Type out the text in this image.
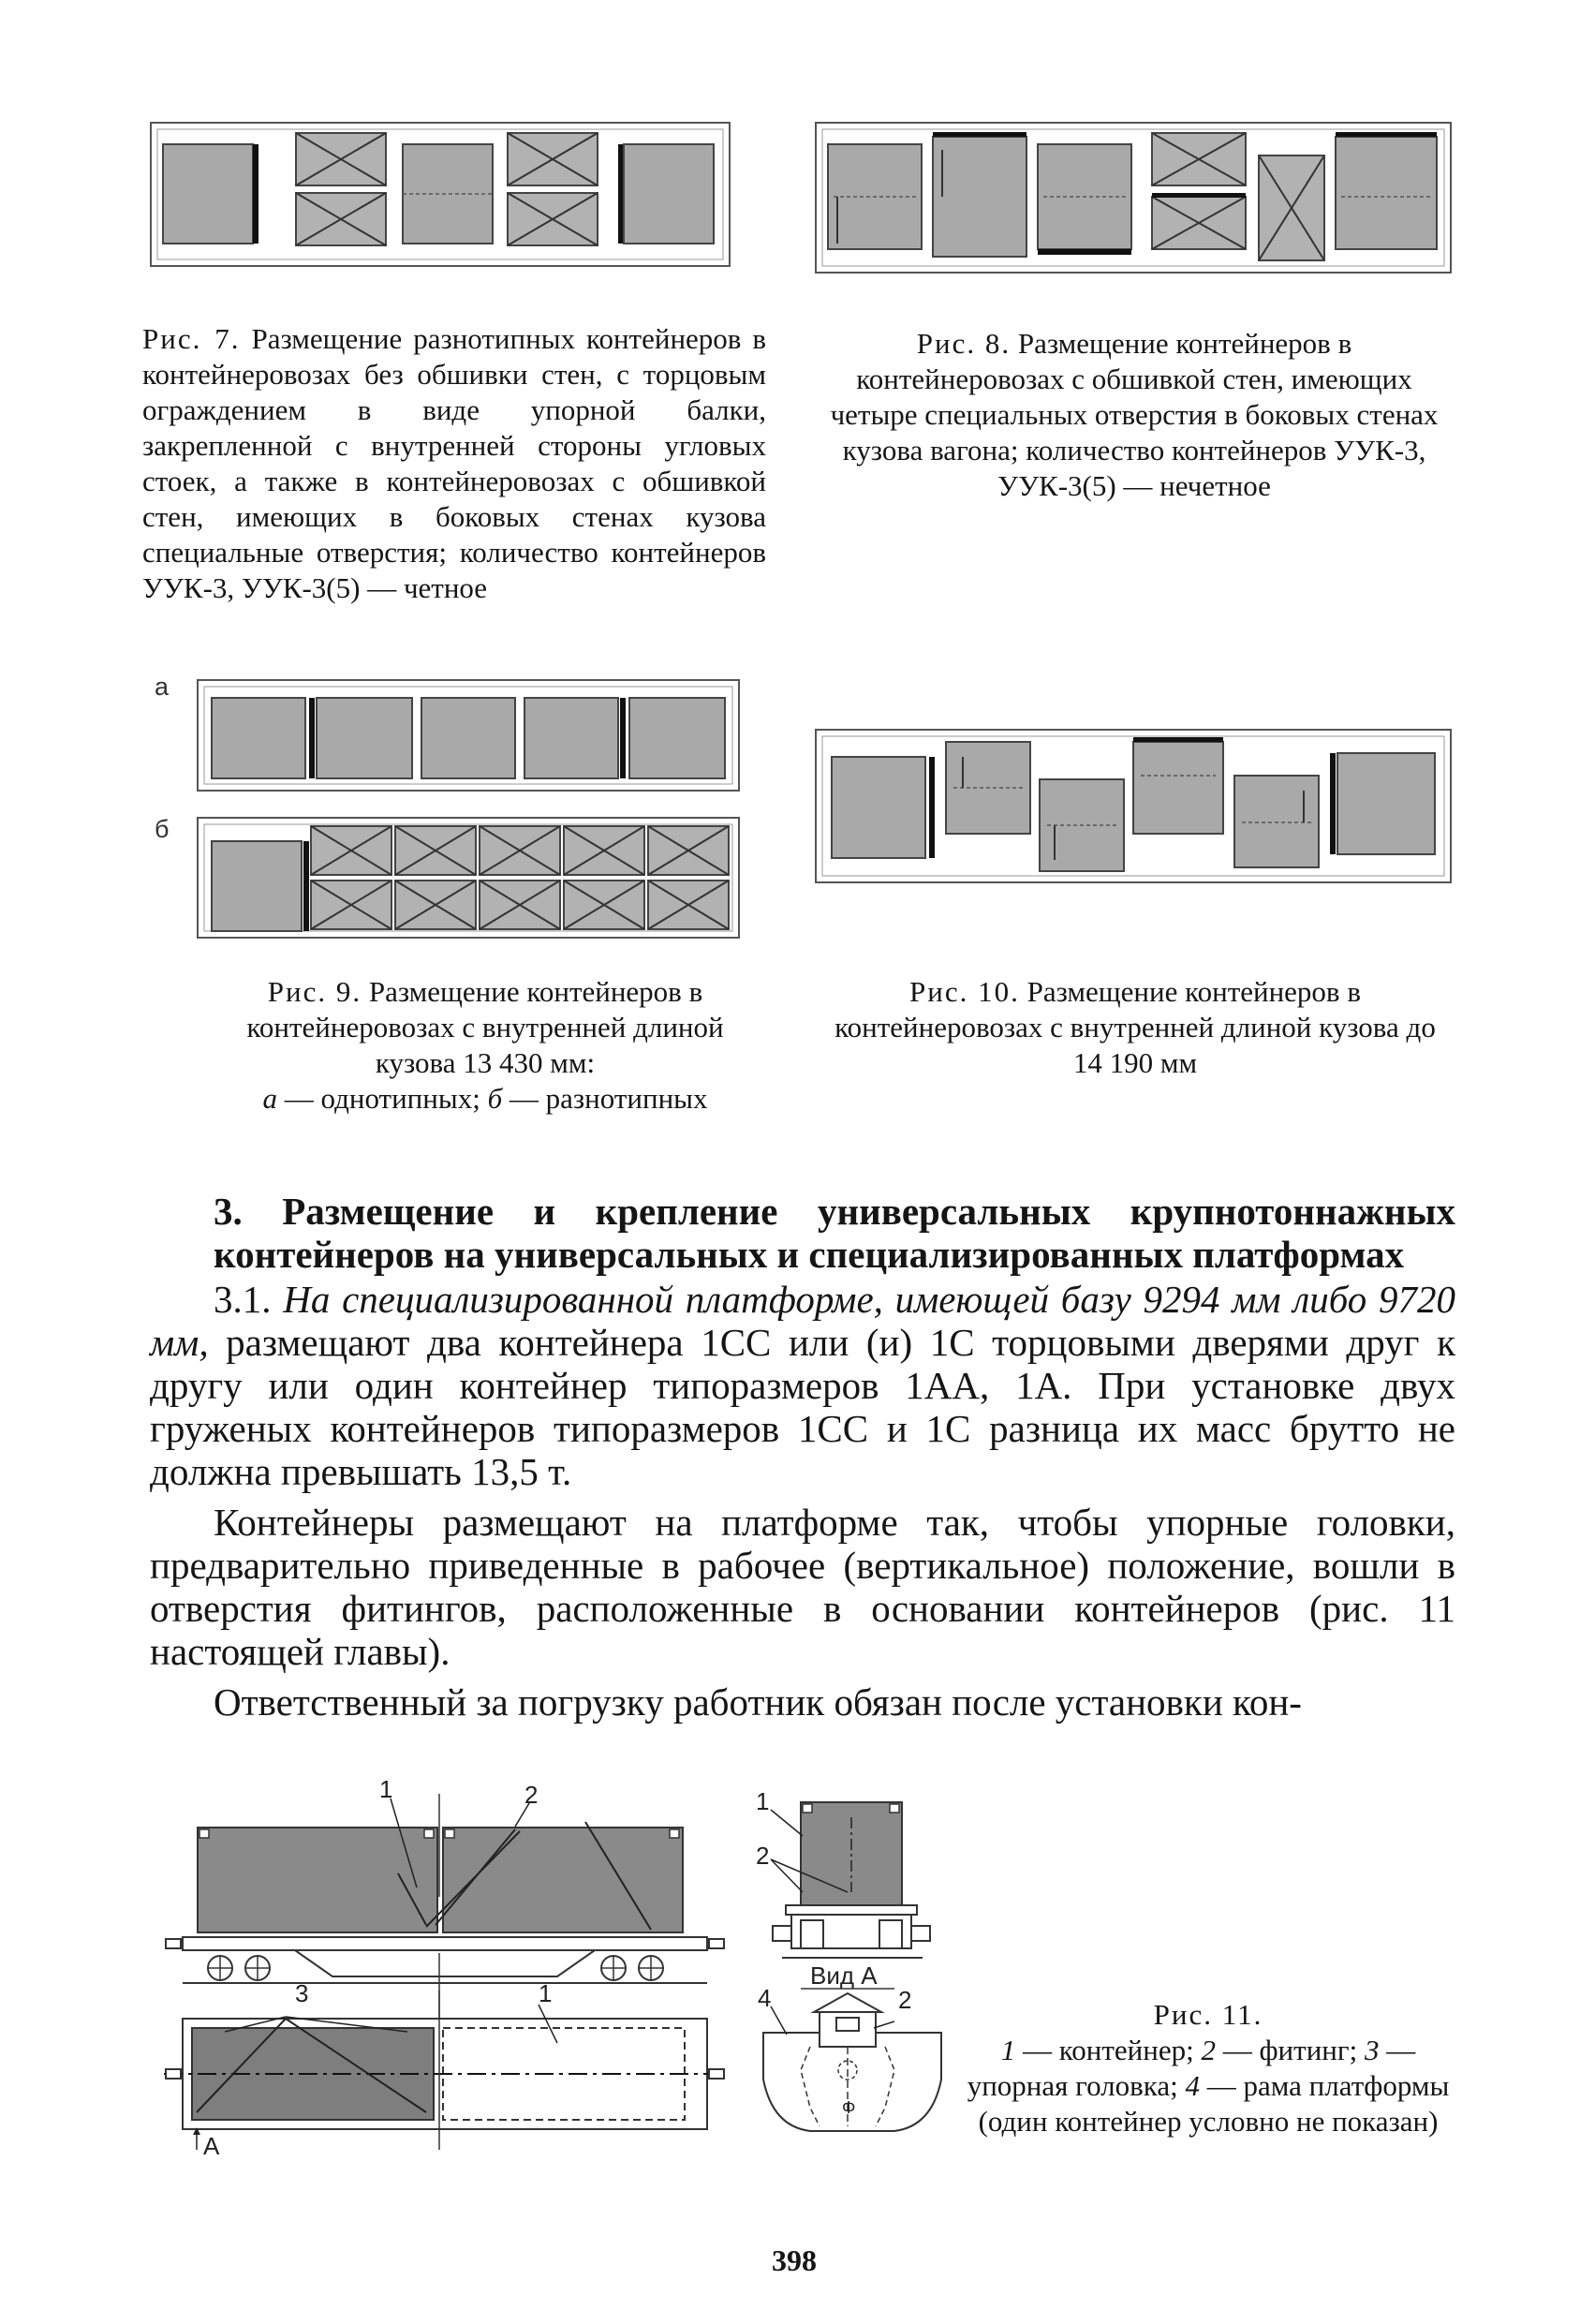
Рис. 7. Размещение разнотипных контейнеров в контейнеровозах без обшивки стен, с торцовым ограждением в виде упорной балки, закрепленной с внутренней стороны угловых стоек, а также в контейнеровозах с обшивкой стен, имеющих в боковых стенах кузова специальные отверстия; количество контейнеров УУК-3, УУК-3(5) — четное
Рис. 8. Размещение контейнеров в контейнеровозах с обшивкой стен, имеющих четыре специальных отверстия в боковых стенах кузова вагона; количество контейнеров УУК-3, УУК-3(5) — нечетное
а
б
Рис. 9. Размещение контейнеров в контейнеровозах с внутренней длиной кузова 13 430 мм:
а — однотипных; б — разнотипных
Рис. 10. Размещение контейнеров в контейнеровозах с внутренней длиной кузова до 14 190 мм
3. Размещение и крепление универсальных крупнотоннажных контейнеров на универсальных и специализированных платформах

3.1. На специализированной платформе, имеющей базу 9294 мм либо 9720 мм, размещают два контейнера 1СС или (и) 1С торцовыми дверями друг к другу или один контейнер типоразмеров 1АА, 1А. При установке двух груженых контейнеров типоразмеров 1СС и 1С разница их масс брутто не должна превышать 13,5 т.

Контейнеры размещают на платформе так, чтобы упорные головки, предварительно приведенные в рабочее (вертикальное) положение, вошли в отверстия фитингов, расположенные в основании контейнеров (рис. 11 настоящей главы).

Ответственный за погрузку работник обязан после установки кон-

1	2
3	1
А
1
2
Вид А
Φ
4	2	Рис. 11.
1 — контейнер; 2 — фитинг; 3 — упорная головка; 4 — рама платформы (один контейнер условно не показан)
398
